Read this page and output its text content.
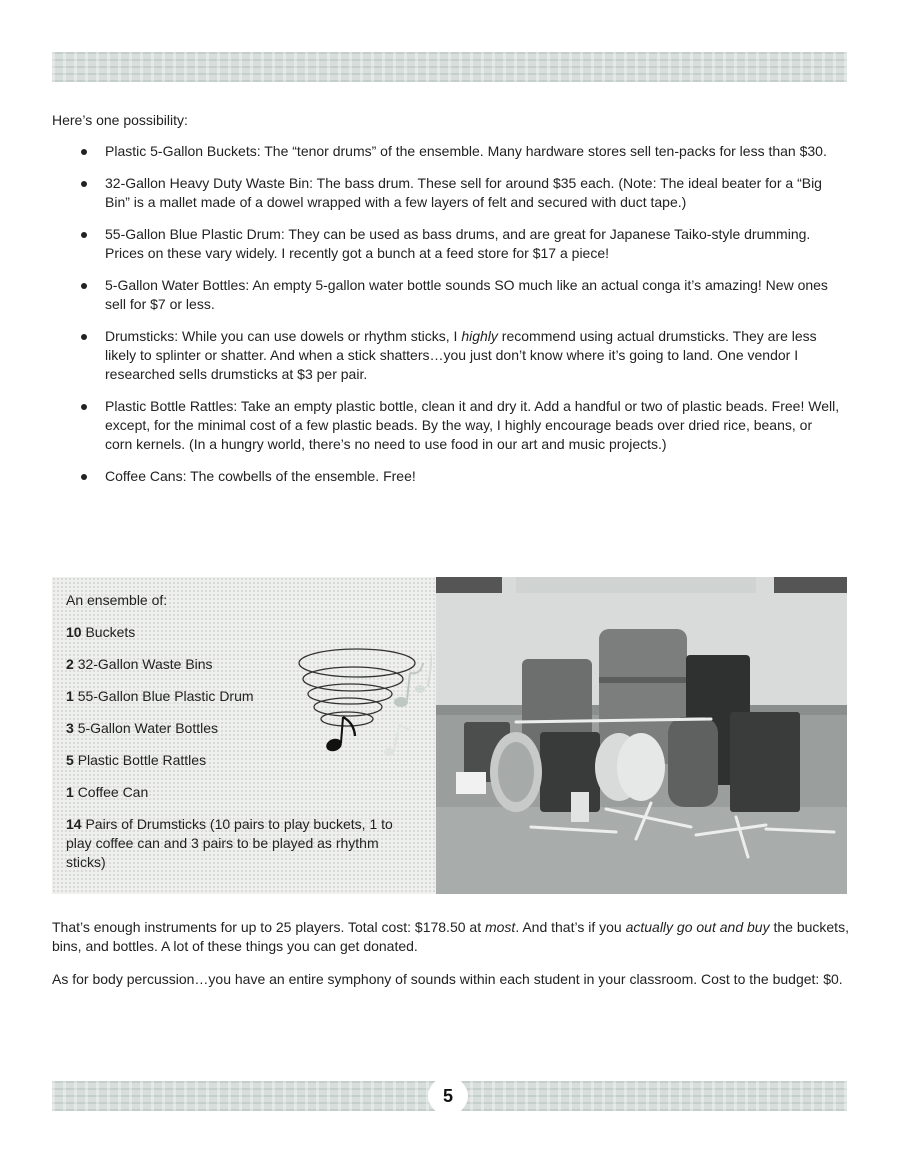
Here’s one possibility:

Plastic 5-Gallon Buckets: The “tenor drums” of the ensemble. Many hardware stores sell ten-packs for less than $30.
32-Gallon Heavy Duty Waste Bin: The bass drum. These sell for around $35 each. (Note: The ideal beater for a “Big Bin” is a mallet made of a dowel wrapped with a few layers of felt and secured with duct tape.)
55-Gallon Blue Plastic Drum: They can be used as bass drums, and are great for Japanese Taiko-style drumming. Prices on these vary widely. I recently got a bunch at a feed store for $17 a piece!
5-Gallon Water Bottles: An empty 5-gallon water bottle sounds SO much like an actual conga it’s amazing! New ones sell for $7 or less.
Drumsticks: While you can use dowels or rhythm sticks, I highly recommend using actual drumsticks. They are less likely to splinter or shatter. And when a stick shatters…you just don’t know where it’s going to land. One vendor I researched sells drumsticks at $3 per pair.
Plastic Bottle Rattles: Take an empty plastic bottle, clean it and dry it. Add a handful or two of plastic beads. Free! Well, except, for the minimal cost of a few plastic beads. By the way, I highly encourage beads over dried rice, beans, or corn kernels. (In a hungry world, there’s no need to use food in our art and music projects.)
Coffee Cans: The cowbells of the ensemble. Free!

An ensemble of:

10 Buckets
2 32-Gallon Waste Bins
1 55-Gallon Blue Plastic Drum
3 5-Gallon Water Bottles
5 Plastic Bottle Rattles
1 Coffee Can
14 Pairs of Drumsticks (10 pairs to play buckets, 1 to play coffee can and 3 pairs to be played as rhythm sticks)

That’s enough instruments for up to 25 players. Total cost: $178.50 at most. And that’s if you actually go out and buy the buckets, bins, and bottles. A lot of these things you can get donated.

As for body percussion…you have an entire symphony of sounds within each student in your classroom. Cost to the budget: $0.

5
